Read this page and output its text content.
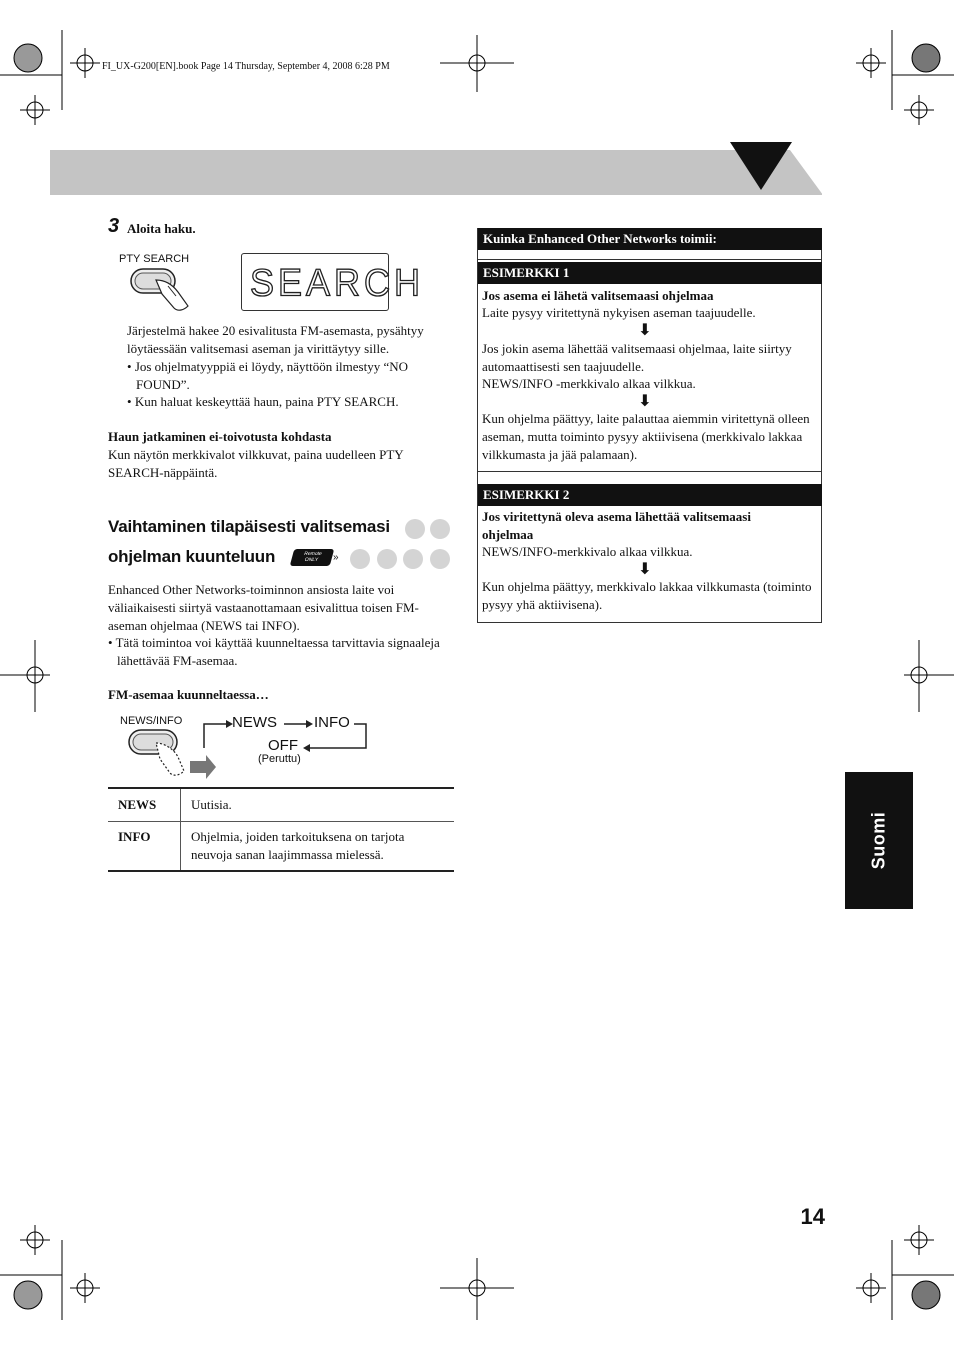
FI_UX-G200[EN].book Page 14 Thursday, September 4, 2008 6:28 PM
3 Aloita haku.
PTY SEARCH
SEARCH
Järjestelmä hakee 20 esivalitusta FM-asemasta, pysähtyy löytäessään valitsemasi aseman ja virittäytyy sille.
• Jos ohjelmatyyppiä ei löydy, näyttöön ilmestyy “NO FOUND”.
• Kun haluat keskeyttää haun, paina PTY SEARCH.
Haun jatkaminen ei-toivotusta kohdasta
Kun näytön merkkivalot vilkkuvat, paina uudelleen PTY SEARCH-näppäintä.
Vaihtaminen tilapäisesti valitsemasi
ohjelman kuunteluun	Remote
ONLY	»
Enhanced Other Networks-toiminnon ansiosta laite voi väliaikaisesti siirtyä vastaanottamaan esivalittua toisen FM-aseman ohjelmaa (NEWS tai INFO).
• Tätä toimintoa voi käyttää kuunneltaessa tarvittavia signaaleja lähettävää FM-asemaa.
FM-asemaa kuunneltaessa…
NEWS/INFO	NEWS INFO
OFF
(Peruttu)
NEWS	Uutisia.
INFO	Ohjelmia, joiden tarkoituksena on tarjota neuvoja sanan laajimmassa mielessä.
Kuinka Enhanced Other Networks toimii:
ESIMERKKI 1
Jos asema ei lähetä valitsemaasi ohjelmaa
Laite pysyy viritettynä nykyisen aseman taajuudelle.
⬇
Jos jokin asema lähettää valitsemaasi ohjelmaa, laite siirtyy automaattisesti sen taajuudelle.
NEWS/INFO -merkkivalo alkaa vilkkua.
⬇
Kun ohjelma päättyy, laite palauttaa aiemmin viritettynä olleen aseman, mutta toiminto pysyy aktiivisena (merkkivalo lakkaa vilkkumasta ja jää palamaan).
ESIMERKKI 2
Jos viritettynä oleva asema lähettää valitsemaasi ohjelmaa
NEWS/INFO-merkkivalo alkaa vilkkua.
⬇
Kun ohjelma päättyy, merkkivalo lakkaa vilkkumasta (toiminto pysyy yhä aktiivisena).
Suomi
14
